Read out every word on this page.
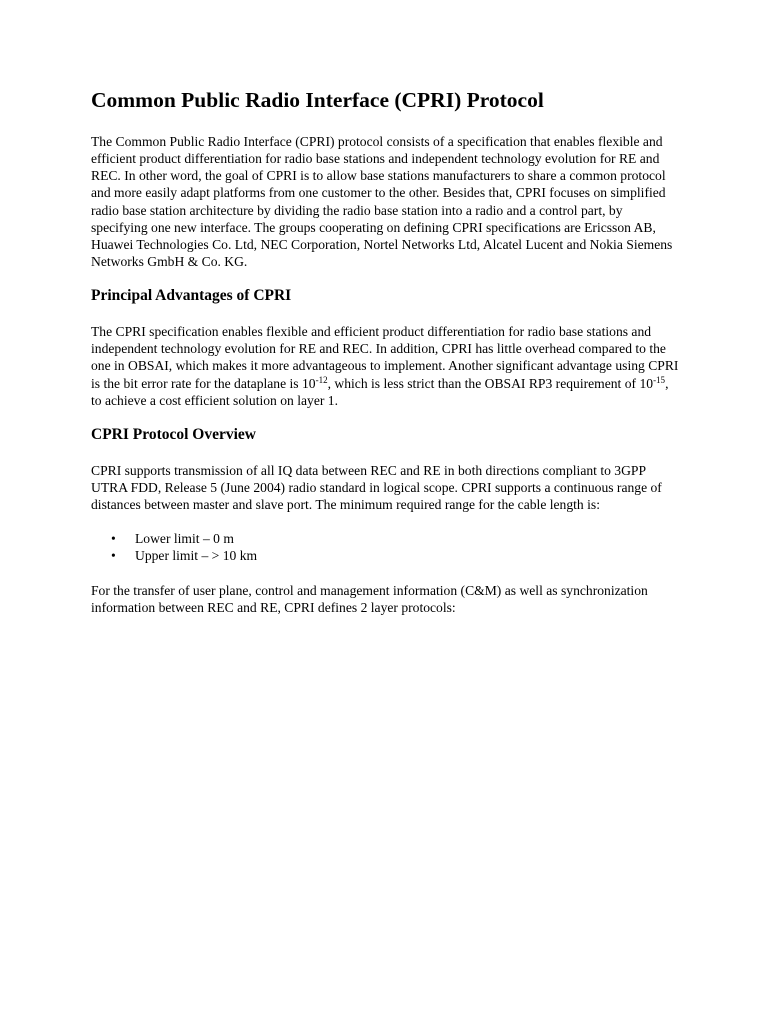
Common Public Radio Interface (CPRI) Protocol

The Common Public Radio Interface (CPRI) protocol consists of a specification that enables flexible and efficient product differentiation for radio base stations and independent technology evolution for RE and REC. In other word, the goal of CPRI is to allow base stations manufacturers to share a common protocol and more easily adapt platforms from one customer to the other. Besides that, CPRI focuses on simplified radio base station architecture by dividing the radio base station into a radio and a control part, by specifying one new interface. The groups cooperating on defining CPRI specifications are Ericsson AB, Huawei Technologies Co. Ltd, NEC Corporation, Nortel Networks Ltd, Alcatel Lucent and Nokia Siemens Networks GmbH & Co. KG.

Principal Advantages of CPRI

The CPRI specification enables flexible and efficient product differentiation for radio base stations and independent technology evolution for RE and REC. In addition, CPRI has little overhead compared to the one in OBSAI, which makes it more advantageous to implement. Another significant advantage using CPRI is the bit error rate for the dataplane is $10^{-12}$, which is less strict than the OBSAI RP3 requirement of $10^{-15}$, to achieve a cost efficient solution on layer 1.

CPRI Protocol Overview

CPRI supports transmission of all IQ data between REC and RE in both directions compliant to 3GPP UTRA FDD, Release 5 (June 2004) radio standard in logical scope. CPRI supports a continuous range of distances between master and slave port. The minimum required range for the cable length is:

• Lower limit – 0 m
• Upper limit – > 10 km

For the transfer of user plane, control and management information (C&M) as well as synchronization information between REC and RE, CPRI defines 2 layer protocols:
